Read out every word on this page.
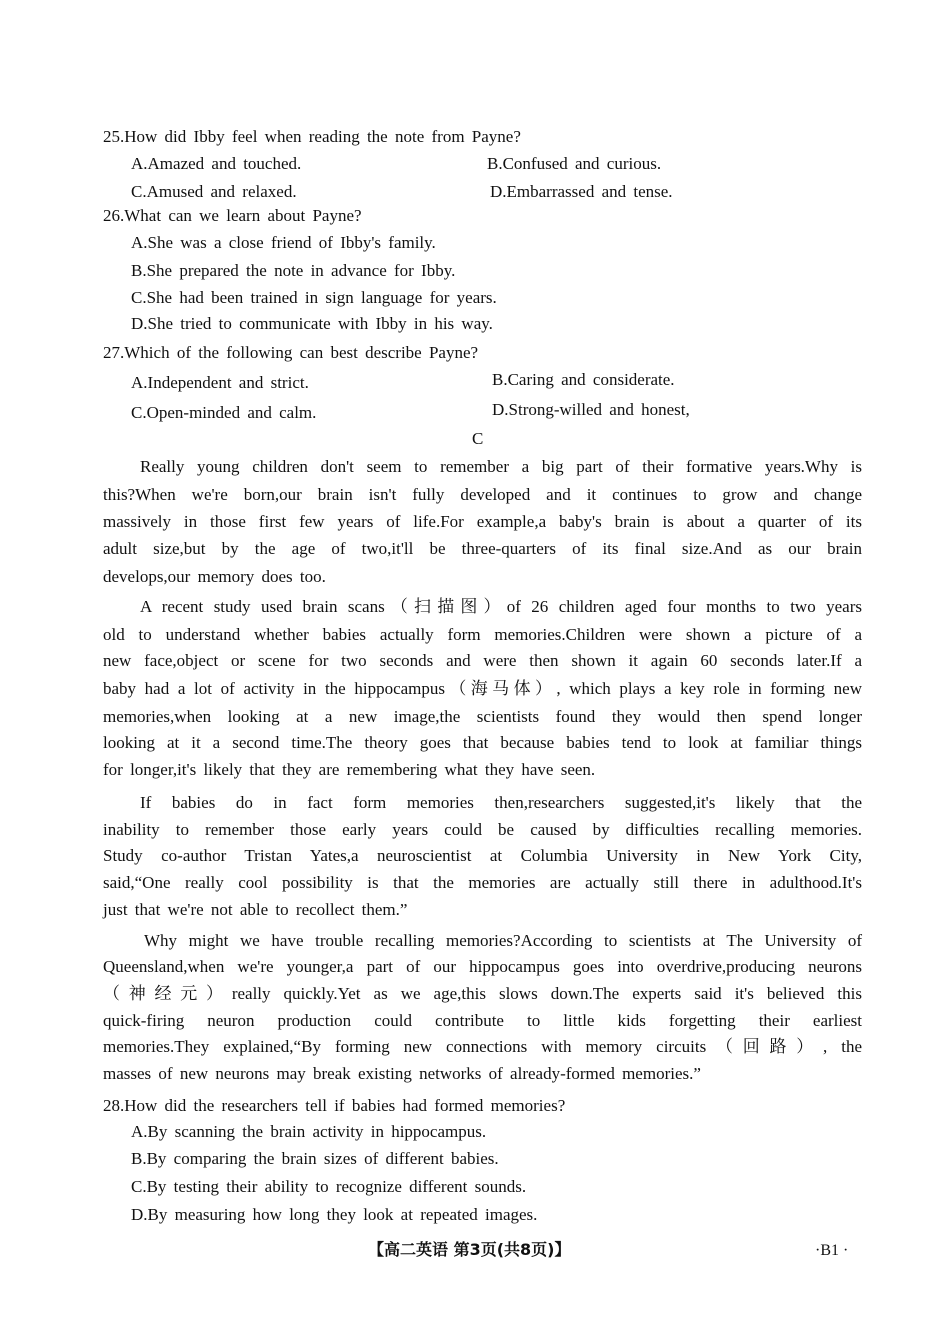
25.How did Ibby feel when reading the note from Payne?
A.Amazed and touched.	B.Confused and curious.
C.Amused and relaxed.	D.Embarrassed and tense.
26.What can we learn about Payne?
A.She was a close friend of Ibby's family.
B.She prepared the note in advance for Ibby.
C.She had been trained in sign language for years.
D.She tried to communicate with Ibby in his way.
27.Which of the following can best describe Payne?
A.Independent and strict.	B.Caring and considerate.
C.Open-minded and calm.	D.Strong-willed and honest,
C
Really young children don't seem to remember a big part of their formative years.Why is
this?When we're born,our brain isn't fully developed and it continues to grow and change
massively in those first few years of life.For example,a baby's brain is about a quarter of its
adult size,but by the age of two,it'll be three-quarters of its final size.And as our brain
develops,our memory does too.
A recent study used brain scans（扫描图）of 26 children aged four months to two years
old to understand whether babies actually form memories.Children were shown a picture of a
new face,object or scene for two seconds and were then shown it again 60 seconds later.If a
baby had a lot of activity in the hippocampus（海马体）, which plays a key role in forming new
memories,when looking at a new image,the scientists found they would then spend longer
looking at it a second time.The theory goes that because babies tend to look at familiar things
for longer,it's likely that they are remembering what they have seen.
If babies do in fact form memories then,researchers suggested,it's likely that the
inability to remember those early years could be caused by difficulties recalling memories.
Study co-author Tristan Yates,a neuroscientist at Columbia University in New York City,
said,“One really cool possibility is that the memories are actually still there in adulthood.It's
just that we're not able to recollect them.”
Why might we have trouble recalling memories?According to scientists at The University of
Queensland,when we're younger,a part of our hippocampus goes into overdrive,producing neurons
（神经元）really quickly.Yet as we age,this slows down.The experts said it's believed this
quick-firing neuron production could contribute to little kids forgetting their earliest
memories.They explained,“By forming new connections with memory circuits（回路）, the
masses of new neurons may break existing networks of already-formed memories.”
28.How did the researchers tell if babies had formed memories?
A.By scanning the brain activity in hippocampus.
B.By comparing the brain sizes of different babies.
C.By testing their ability to recognize different sounds.
D.By measuring how long they look at repeated images.
【高二英语 第3页(共8页)】	·B1 ·
